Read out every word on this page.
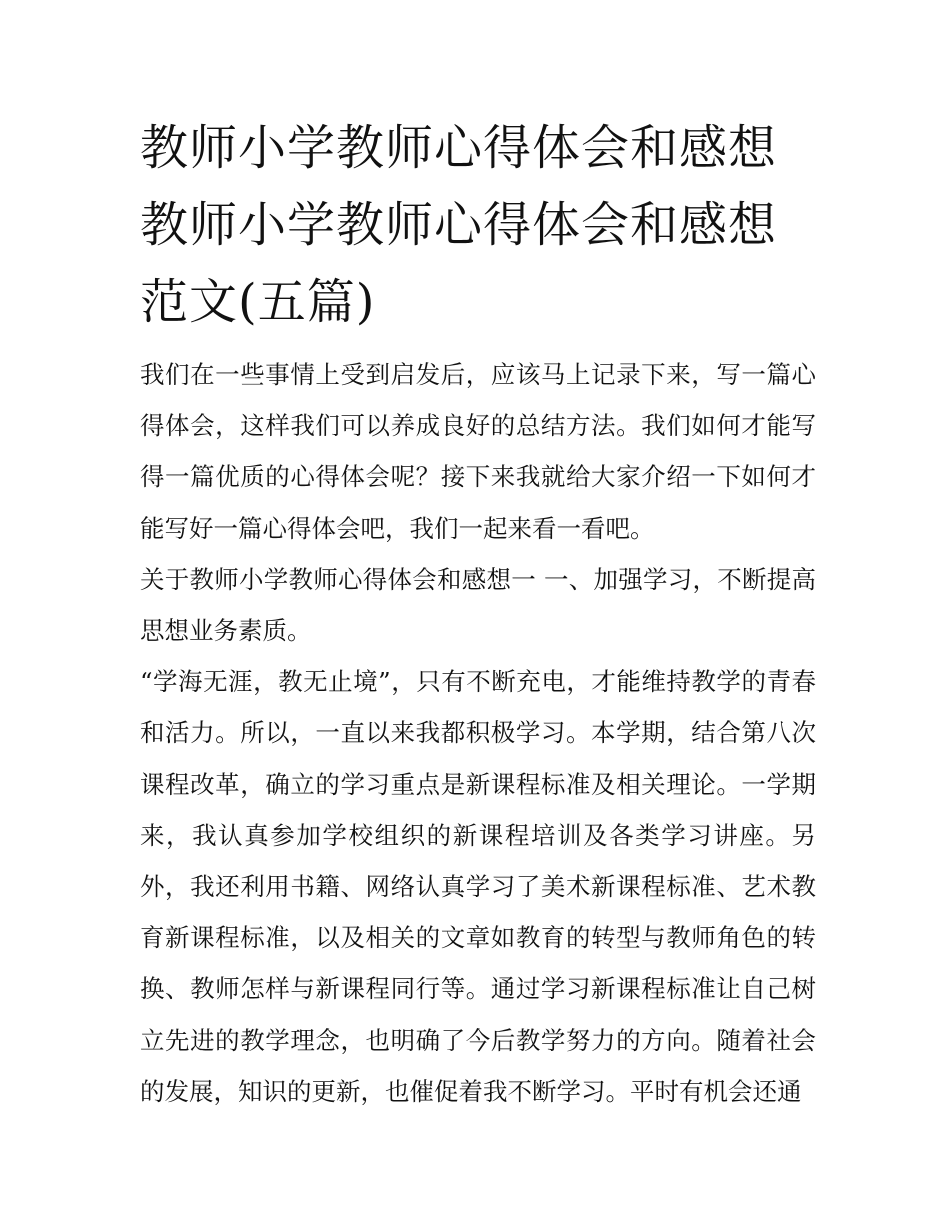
教师小学教师心得体会和感想教师小学教师心得体会和感想范文(五篇)

我们在一些事情上受到启发后，应该马上记录下来，写一篇心得体会，这样我们可以养成良好的总结方法。我们如何才能写得一篇优质的心得体会呢？接下来我就给大家介绍一下如何才能写好一篇心得体会吧，我们一起来看一看吧。

关于教师小学教师心得体会和感想一 一、加强学习，不断提高思想业务素质。

“学海无涯，教无止境”，只有不断充电，才能维持教学的青春和活力。所以，一直以来我都积极学习。本学期，结合第八次课程改革，确立的学习重点是新课程标准及相关理论。一学期来，我认真参加学校组织的新课程培训及各类学习讲座。另外，我还利用书籍、网络认真学习了美术新课程标准、艺术教育新课程标准，以及相关的文章如教育的转型与教师角色的转换、教师怎样与新课程同行等。通过学习新课程标准让自己树立先进的教学理念，也明确了今后教学努力的方向。随着社会的发展，知识的更新，也催促着我不断学习。平时有机会还通
